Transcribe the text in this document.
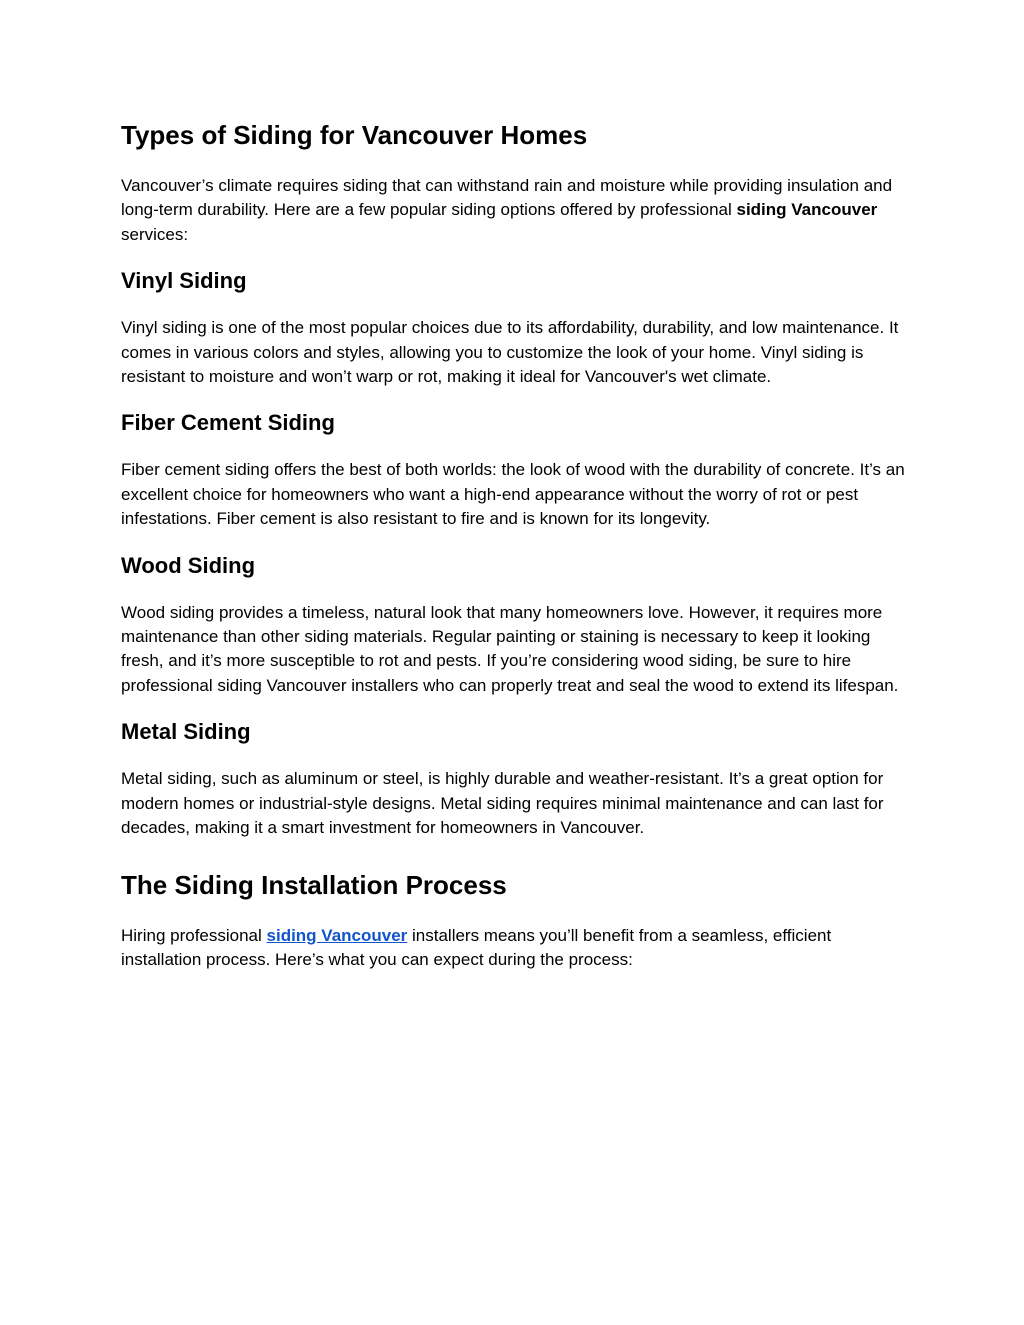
Types of Siding for Vancouver Homes

Vancouver’s climate requires siding that can withstand rain and moisture while providing insulation and long-term durability. Here are a few popular siding options offered by professional siding Vancouver services:

Vinyl Siding

Vinyl siding is one of the most popular choices due to its affordability, durability, and low maintenance. It comes in various colors and styles, allowing you to customize the look of your home. Vinyl siding is resistant to moisture and won’t warp or rot, making it ideal for Vancouver's wet climate.

Fiber Cement Siding

Fiber cement siding offers the best of both worlds: the look of wood with the durability of concrete. It’s an excellent choice for homeowners who want a high-end appearance without the worry of rot or pest infestations. Fiber cement is also resistant to fire and is known for its longevity.

Wood Siding

Wood siding provides a timeless, natural look that many homeowners love. However, it requires more maintenance than other siding materials. Regular painting or staining is necessary to keep it looking fresh, and it’s more susceptible to rot and pests. If you’re considering wood siding, be sure to hire professional siding Vancouver installers who can properly treat and seal the wood to extend its lifespan.

Metal Siding

Metal siding, such as aluminum or steel, is highly durable and weather-resistant. It’s a great option for modern homes or industrial-style designs. Metal siding requires minimal maintenance and can last for decades, making it a smart investment for homeowners in Vancouver.

The Siding Installation Process

Hiring professional siding Vancouver installers means you’ll benefit from a seamless, efficient installation process. Here’s what you can expect during the process:
